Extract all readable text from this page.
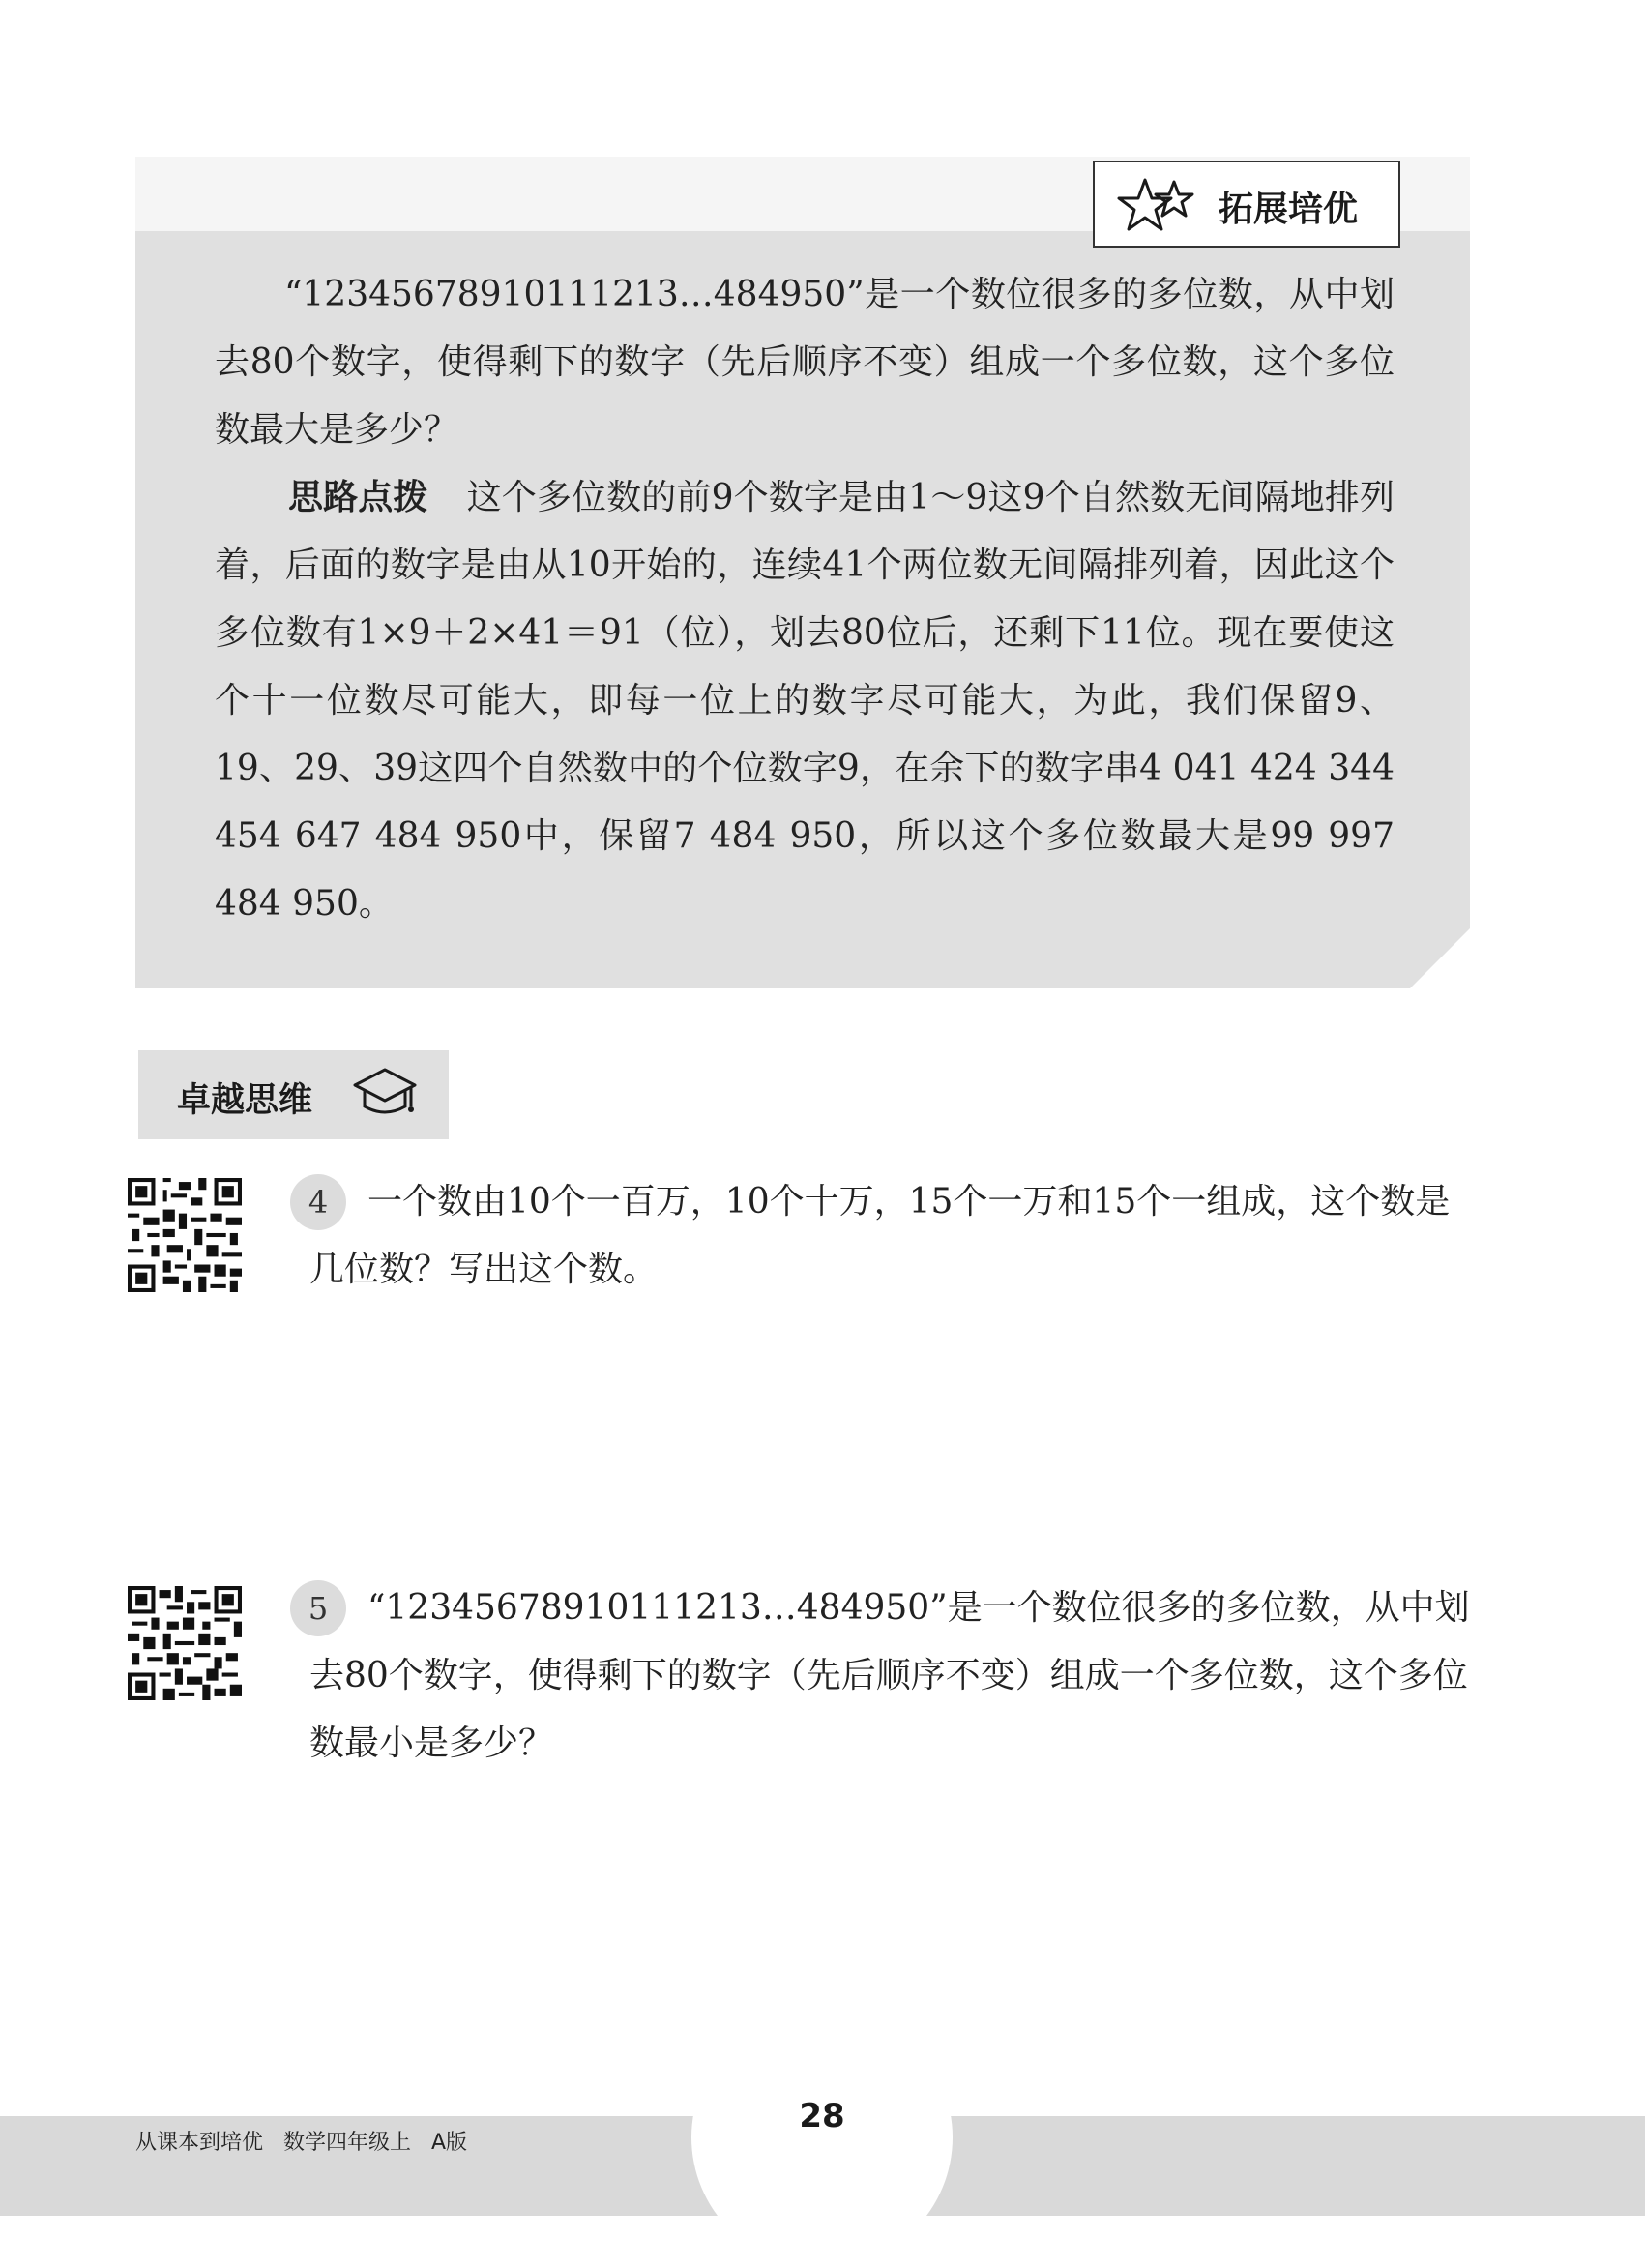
拓展培优
“12345678910111213…484950”是一个数位很多的多位数，从中划去80个数字，使得剩下的数字（先后顺序不变）组成一个多位数，这个多位数最大是多少？
思路点拨 这个多位数的前9个数字是由1～9这9个自然数无间隔地排列着，后面的数字是由从10开始的，连续41个两位数无间隔排列着，因此这个多位数有1×9＋2×41＝91（位），划去80位后，还剩下11位。现在要使这个十一位数尽可能大，即每一位上的数字尽可能大，为此，我们保留9、19、29、39这四个自然数中的个位数字9，在余下的数字串4 041 424 344 454 647 484 950中，保留7 484 950，所以这个多位数最大是99 997 484 950。
卓越思维
4	一个数由10个一百万，10个十万，15个一万和15个一组成，这个数是几位数？写出这个数。
5	“12345678910111213…484950”是一个数位很多的多位数，从中划去80个数字，使得剩下的数字（先后顺序不变）组成一个多位数，这个多位数最小是多少？
28
从课本到培优   数学四年级上   A版
